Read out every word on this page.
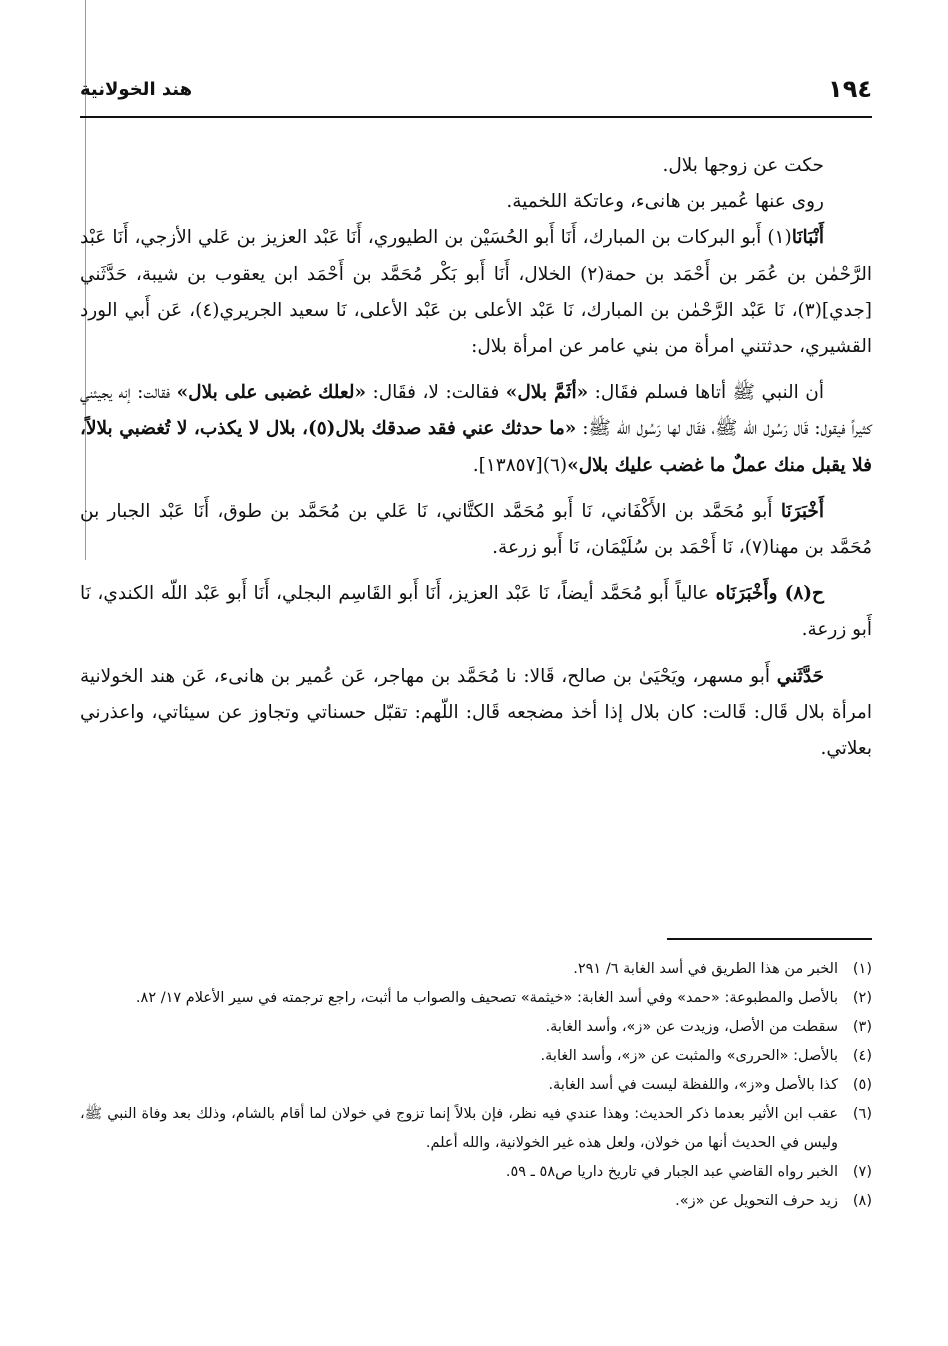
١٩٤
هند الخولانية

حكت عن زوجها بلال.

روى عنها عُمير بن هانىء، وعاتكة اللخمية.

أَنْبَانَا(١) أَبو البركات بن المبارك، أَنَا أَبو الحُسَيْن بن الطيوري، أَنَا عَبْد العزيز بن عَلي الأزجي، أَنَا عَبْد الرَّحْمٰن بن عُمَر بن أَحْمَد بن حمة(٢) الخلال، أَنَا أَبو بَكْر مُحَمَّد بن أَحْمَد ابن يعقوب بن شيبة، حَدَّثَني [جدي](٣)، نَا عَبْد الرَّحْمٰن بن المبارك، نَا عَبْد الأعلى بن عَبْد الأعلى، نَا سعيد الجريري(٤)، عَن أَبي الورد القشيري، حدثتني امرأة من بني عامر عن امرأة بلال:

أن النبي ﷺ أتاها فسلم فقَال: «أثَمَّ بلال» فقالت: لا، فقَال: «لعلك غضبى على بلال» فقالت: إنه يجيئني كثيراً فيقول: قَال رَسُول الله ﷺ، فقَال لها رَسُول الله ﷺ: «ما حدثك عني فقد صدقك بلال(٥)، بلال لا يكذب، لا تُغضبي بلالاً، فلا يقبل منك عملٌ ما غضب عليك بلال»(٦)[١٣٨٥٧].

أَخْبَرَنَا أَبو مُحَمَّد بن الأَكْفَاني، نَا أَبو مُحَمَّد الكتَّاني، نَا عَلي بن مُحَمَّد بن طوق، أَنَا عَبْد الجبار بن مُحَمَّد بن مهنا(٧)، نَا أَحْمَد بن سُلَيْمَان، نَا أَبو زرعة.

ح(٨) وأَخْبَرَنَاه عالياً أَبو مُحَمَّد أيضاً، نَا عَبْد العزيز، أَنَا أَبو القَاسِم البجلي، أَنَا أَبو عَبْد اللّه الكندي، نَا أَبو زرعة.

حَدَّثَني أَبو مسهر، ويَحْيَىٰ بن صالح، قَالا: نا مُحَمَّد بن مهاجر، عَن عُمير بن هانىء، عَن هند الخولانية امرأة بلال قَال: قَالت: كان بلال إذا أخذ مضجعه قَال: اللّهم: تقبّل حسناتي وتجاوز عن سيئاتي، واعذرني بعلاتي.

(١)
الخبر من هذا الطريق في أسد الغابة ٦/ ٢٩١.
(٢)
بالأصل والمطبوعة: «حمد» وفي أسد الغابة: «خيثمة» تصحيف والصواب ما أثبت، راجع ترجمته في سير الأعلام ١٧/ ٨٢.
(٣)
سقطت من الأصل، وزيدت عن «ز»، وأسد الغابة.
(٤)
بالأصل: «الحررى» والمثبت عن «ز»، وأسد الغابة.
(٥)
كذا بالأصل و«ز»، واللفظة ليست في أسد الغابة.
(٦)
عقب ابن الأثير بعدما ذكر الحديث: وهذا عندي فيه نظر، فإن بلالاً إنما تزوج في خولان لما أقام بالشام، وذلك بعد وفاة النبي ﷺ، وليس في الحديث أنها من خولان، ولعل هذه غير الخولانية، والله أعلم.
(٧)
الخبر رواه القاضي عبد الجبار في تاريخ داريا ص٥٨ ـ ٥٩.
(٨)
زيد حرف التحويل عن «ز».
